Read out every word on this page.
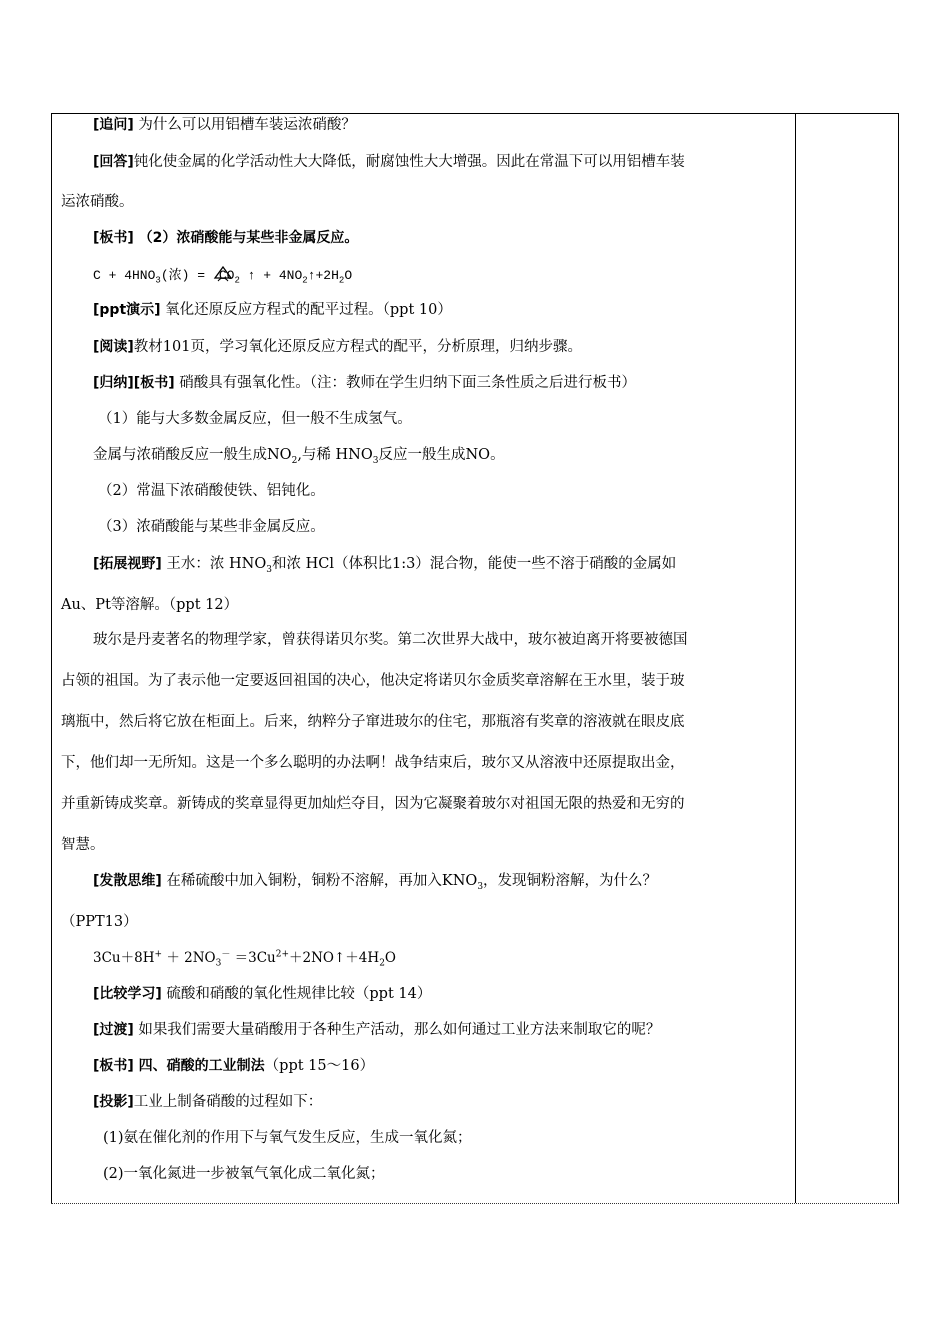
[追问] 为什么可以用铝槽车装运浓硝酸？
[回答]钝化使金属的化学活动性大大降低，耐腐蚀性大大增强。因此在常温下可以用铝槽车装
运浓硝酸。
[板书] （2）浓硝酸能与某些非金属反应。
$C + 4HNO_3$(浓) = $CO_2$ ↑ + $4NO_2↑+2H_2O$
[ppt演示] 氧化还原反应方程式的配平过程。（ppt 10）
[阅读]教材101页，学习氧化还原反应方程式的配平，分析原理，归纳步骤。
[归纳][板书] 硝酸具有强氧化性。（注：教师在学生归纳下面三条性质之后进行板书）
（1）能与大多数金属反应，但一般不生成氢气。
金属与浓硝酸反应一般生成$NO_2$,与稀 $HNO_3$反应一般生成NO。
（2）常温下浓硝酸使铁、铝钝化。
（3）浓硝酸能与某些非金属反应。
[拓展视野] 王水：浓 $HNO_3$和浓 HCl（体积比1:3）混合物，能使一些不溶于硝酸的金属如
Au、Pt等溶解。（ppt 12）
玻尔是丹麦著名的物理学家，曾获得诺贝尔奖。第二次世界大战中，玻尔被迫离开将要被德国
占领的祖国。为了表示他一定要返回祖国的决心，他决定将诺贝尔金质奖章溶解在王水里，装于玻
璃瓶中，然后将它放在柜面上。后来，纳粹分子窜进玻尔的住宅，那瓶溶有奖章的溶液就在眼皮底
下，他们却一无所知。这是一个多么聪明的办法啊！战争结束后，玻尔又从溶液中还原提取出金，
并重新铸成奖章。新铸成的奖章显得更加灿烂夺目，因为它凝聚着玻尔对祖国无限的热爱和无穷的
智慧。
[发散思维] 在稀硫酸中加入铜粉，铜粉不溶解，再加入$KNO_3$，发现铜粉溶解，为什么？
（PPT13）
$3Cu+8H^+ + 2NO_3^-$ $=3Cu^{2+}+2NO↑+4H_2O$
[比较学习] 硫酸和硝酸的氧化性规律比较（ppt 14）
[过渡] 如果我们需要大量硝酸用于各种生产活动，那么如何通过工业方法来制取它的呢？
[板书] 四、硝酸的工业制法（ppt 15～16）
[投影]工业上制备硝酸的过程如下：
(1)氨在催化剂的作用下与氧气发生反应，生成一氧化氮；
(2)一氧化氮进一步被氧气氧化成二氧化氮；
